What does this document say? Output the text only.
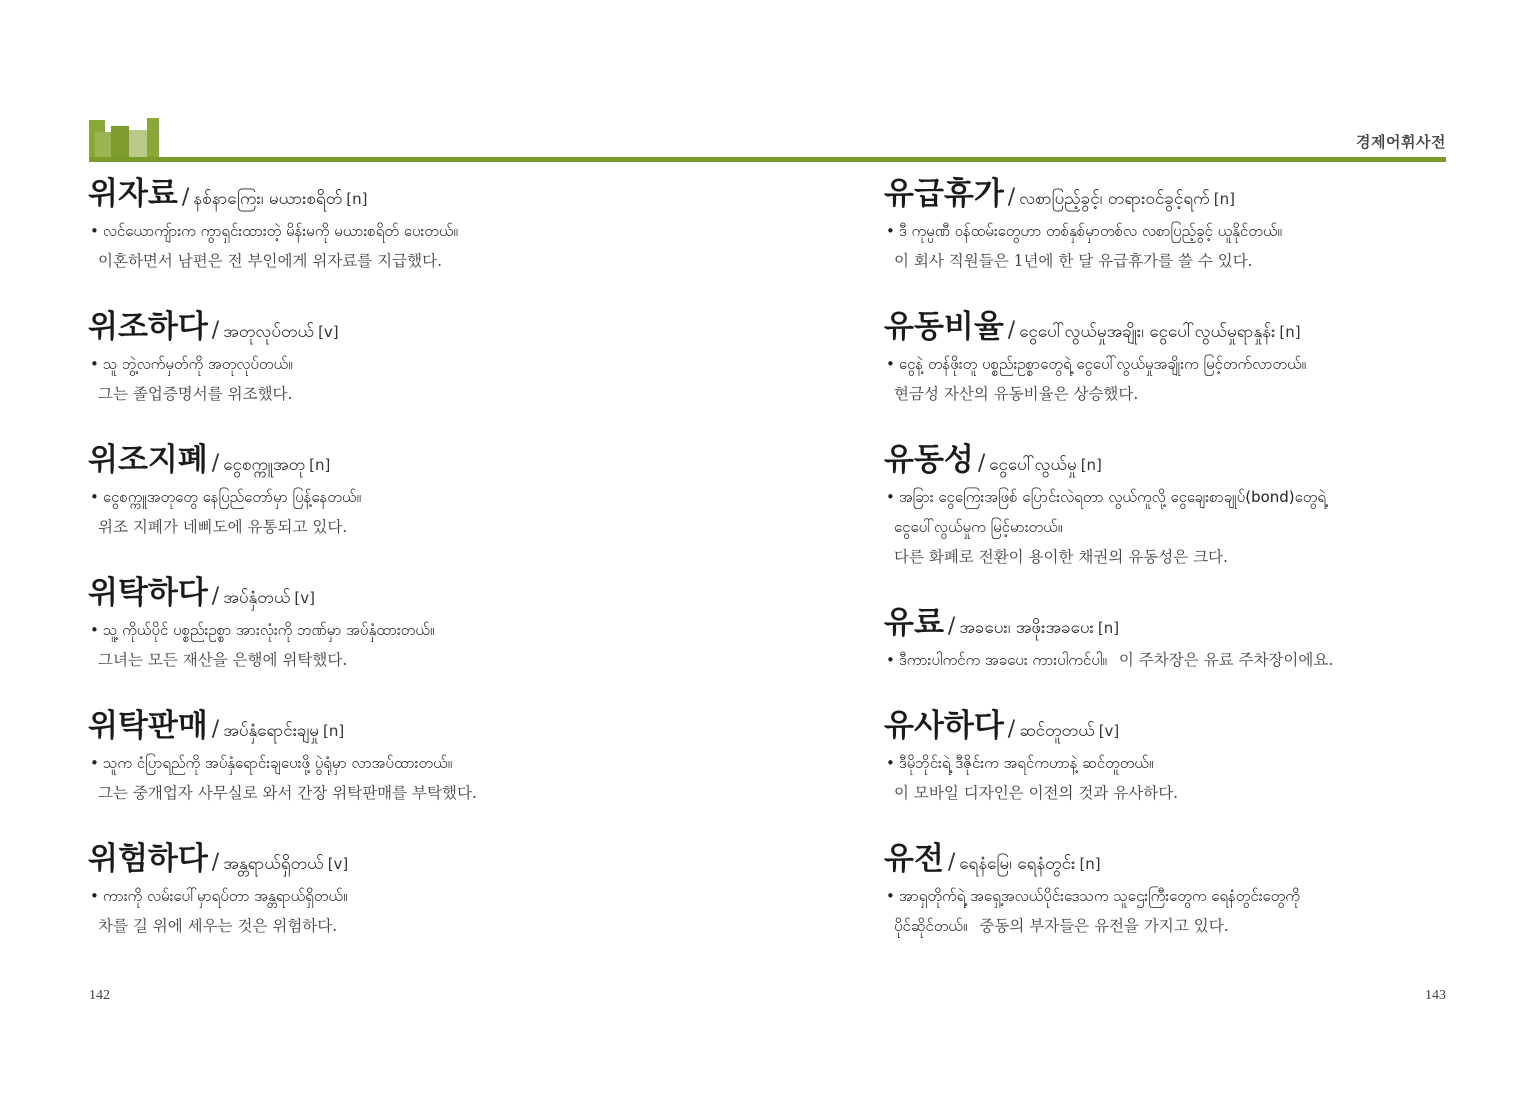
경제어휘사전
위자료 / နစ်နာကြေး၊ မယားစရိတ် [n]
• လင်ယောကျ်ားက ကွာရှင်းထားတဲ့ မိန်းမကို မယားစရိတ် ပေးတယ်။
이혼하면서 남편은 전 부인에게 위자료를 지급했다.
위조하다 / အတုလုပ်တယ် [v]
• သူ ဘွဲ့လက်မှတ်ကို အတုလုပ်တယ်။
그는 졸업증명서를 위조했다.
위조지폐 / ငွေစက္ကူအတု [n]
• ငွေစက္ကူအတုတွေ နေပြည်တော်မှာ ပြန့်နေတယ်။
위조 지폐가 네삐도에 유통되고 있다.
위탁하다 / အပ်နှံတယ် [v]
• သူ့ ကိုယ်ပိုင် ပစ္စည်းဥစ္စာ အားလုံးကို ဘဏ်မှာ အပ်နှံထားတယ်။
그녀는 모든 재산을 은행에 위탁했다.
위탁판매 / အပ်နှံရောင်းချမှု [n]
• သူက ငံပြာရည်ကို အပ်နှံရောင်းချပေးဖို့ ပွဲရုံမှာ လာအပ်ထားတယ်။
그는 중개업자 사무실로 와서 간장 위탁판매를 부탁했다.
위험하다 / အန္တရာယ်ရှိတယ် [v]
• ကားကို လမ်းပေါ်မှာရပ်တာ အန္တရာယ်ရှိတယ်။
차를 길 위에 세우는 것은 위험하다.
유급휴가 / လစာပြည့်ခွင့်၊ တရားဝင်ခွင့်ရက် [n]
• ဒီ ကုမ္ပဏီ ဝန်ထမ်းတွေဟာ တစ်နှစ်မှာတစ်လ လစာပြည့်ခွင့် ယူနိုင်တယ်။
이 회사 직원들은 1년에 한 달 유급휴가를 쓸 수 있다.
유동비율 / ငွေပေါ်လွယ်မှုအချိုး၊ ငွေပေါ်လွယ်မှုရာနှုန်း [n]
• ငွေနဲ့ တန်ဖိုးတူ ပစ္စည်းဥစ္စာတွေရဲ့ ငွေပေါ်လွယ်မှုအချိုးက မြင့်တက်လာတယ်။
현금성 자산의 유동비율은 상승했다.
유동성 / ငွေပေါ်လွယ်မှု [n]
• အခြား ငွေကြေးအဖြစ် ပြောင်းလဲရတာ လွယ်ကူလို့ ငွေချေးစာချုပ်(bond)တွေရဲ့
ငွေပေါ်လွယ်မှုက မြင့်မားတယ်။
다른 화폐로 전환이 용이한 채권의 유동성은 크다.
유료 / အခပေး၊ အဖိုးအခပေး [n]
• ဒီကားပါကင်က အခပေး ကားပါကင်ပါ။ 이 주차장은 유료 주차장이에요.
유사하다 / ဆင်တူတယ် [v]
• ဒီမိုဘိုင်းရဲ့ ဒီဇိုင်းက အရင်ကဟာနဲ့ ဆင်တူတယ်။
이 모바일 디자인은 이전의 것과 유사하다.
유전 / ရေနံမြေ၊ ရေနံတွင်း [n]
• အာရှတိုက်ရဲ့ အရှေ့အလယ်ပိုင်းဒေသက သူဌေးကြီးတွေက ရေနံတွင်းတွေကို
ပိုင်ဆိုင်တယ်။ 중동의 부자들은 유전을 가지고 있다.
142	143
